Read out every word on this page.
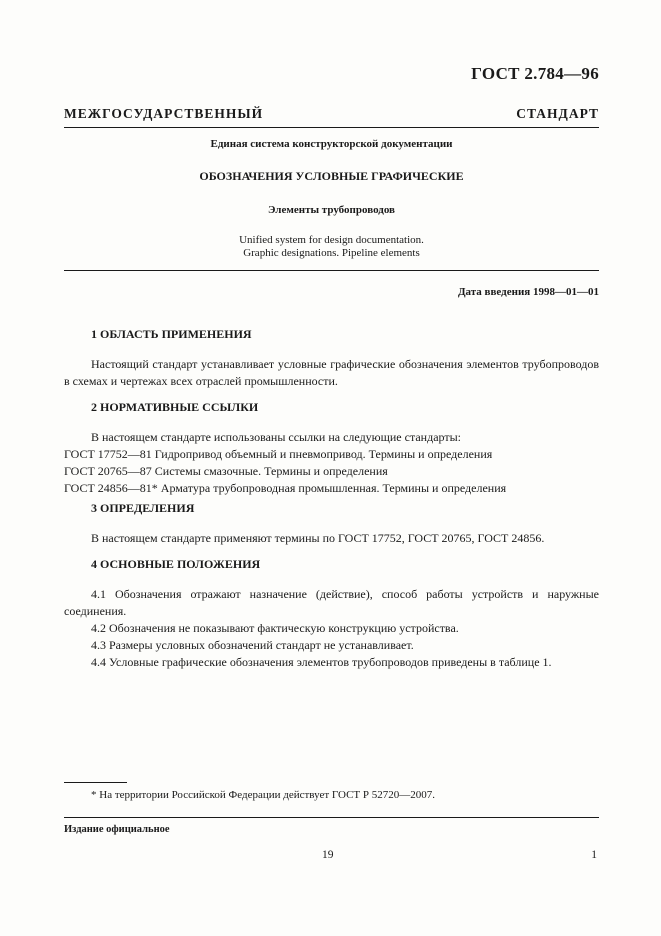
ГОСТ 2.784—96
МЕЖГОСУДАРСТВЕННЫЙ СТАНДАРТ
Единая система конструкторской документации
ОБОЗНАЧЕНИЯ УСЛОВНЫЕ ГРАФИЧЕСКИЕ
Элементы трубопроводов
Unified system for design documentation.
Graphic designations. Pipeline elements
Дата введения 1998—01—01
1 ОБЛАСТЬ ПРИМЕНЕНИЯ

Настоящий стандарт устанавливает условные графические обозначения элементов трубопроводов в схемах и чертежах всех отраслей промышленности.

2 НОРМАТИВНЫЕ ССЫЛКИ
В настоящем стандарте использованы ссылки на следующие стандарты:
ГОСТ 17752—81 Гидропривод объемный и пневмопривод. Термины и определения
ГОСТ 20765—87 Системы смазочные. Термины и определения
ГОСТ 24856—81* Арматура трубопроводная промышленная. Термины и определения
3 ОПРЕДЕЛЕНИЯ
В настоящем стандарте применяют термины по ГОСТ 17752, ГОСТ 20765, ГОСТ 24856.
4 ОСНОВНЫЕ ПОЛОЖЕНИЯ

4.1 Обозначения отражают назначение (действие), способ работы устройств и наружные соединения.

4.2 Обозначения не показывают фактическую конструкцию устройства.
4.3 Размеры условных обозначений стандарт не устанавливает.
4.4 Условные графические обозначения элементов трубопроводов приведены в таблице 1.
* На территории Российской Федерации действует ГОСТ Р 52720—2007.
Издание официальное
19	1
